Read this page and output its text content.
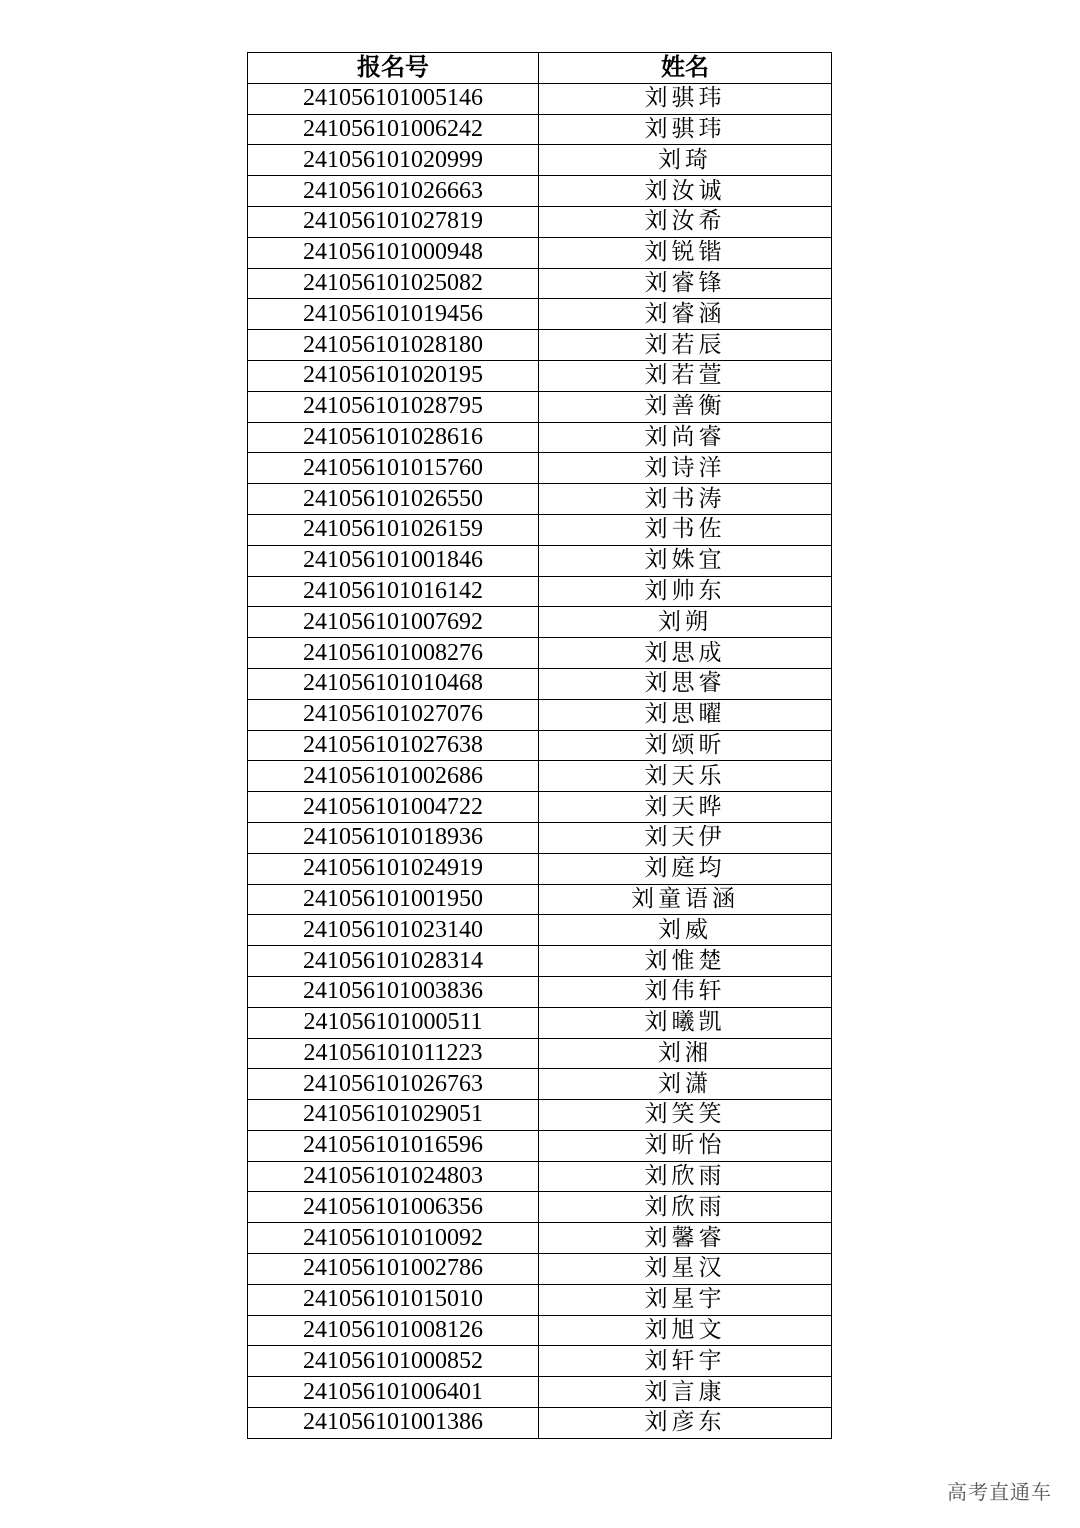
报名号	姓名
241056101005146	刘骐玮
241056101006242	刘骐玮
241056101020999	刘琦
241056101026663	刘汝诚
241056101027819	刘汝希
241056101000948	刘锐锴
241056101025082	刘睿锋
241056101019456	刘睿涵
241056101028180	刘若辰
241056101020195	刘若萱
241056101028795	刘善衡
241056101028616	刘尚睿
241056101015760	刘诗洋
241056101026550	刘书涛
241056101026159	刘书佐
241056101001846	刘姝宜
241056101016142	刘帅东
241056101007692	刘朔
241056101008276	刘思成
241056101010468	刘思睿
241056101027076	刘思曜
241056101027638	刘颂昕
241056101002686	刘天乐
241056101004722	刘天晔
241056101018936	刘天伊
241056101024919	刘庭均
241056101001950	刘童语涵
241056101023140	刘威
241056101028314	刘惟楚
241056101003836	刘伟轩
241056101000511	刘曦凯
241056101011223	刘湘
241056101026763	刘潇
241056101029051	刘笑笑
241056101016596	刘昕怡
241056101024803	刘欣雨
241056101006356	刘欣雨
241056101010092	刘馨睿
241056101002786	刘星汉
241056101015010	刘星宇
241056101008126	刘旭文
241056101000852	刘轩宇
241056101006401	刘言康
241056101001386	刘彦东
高考直通车
